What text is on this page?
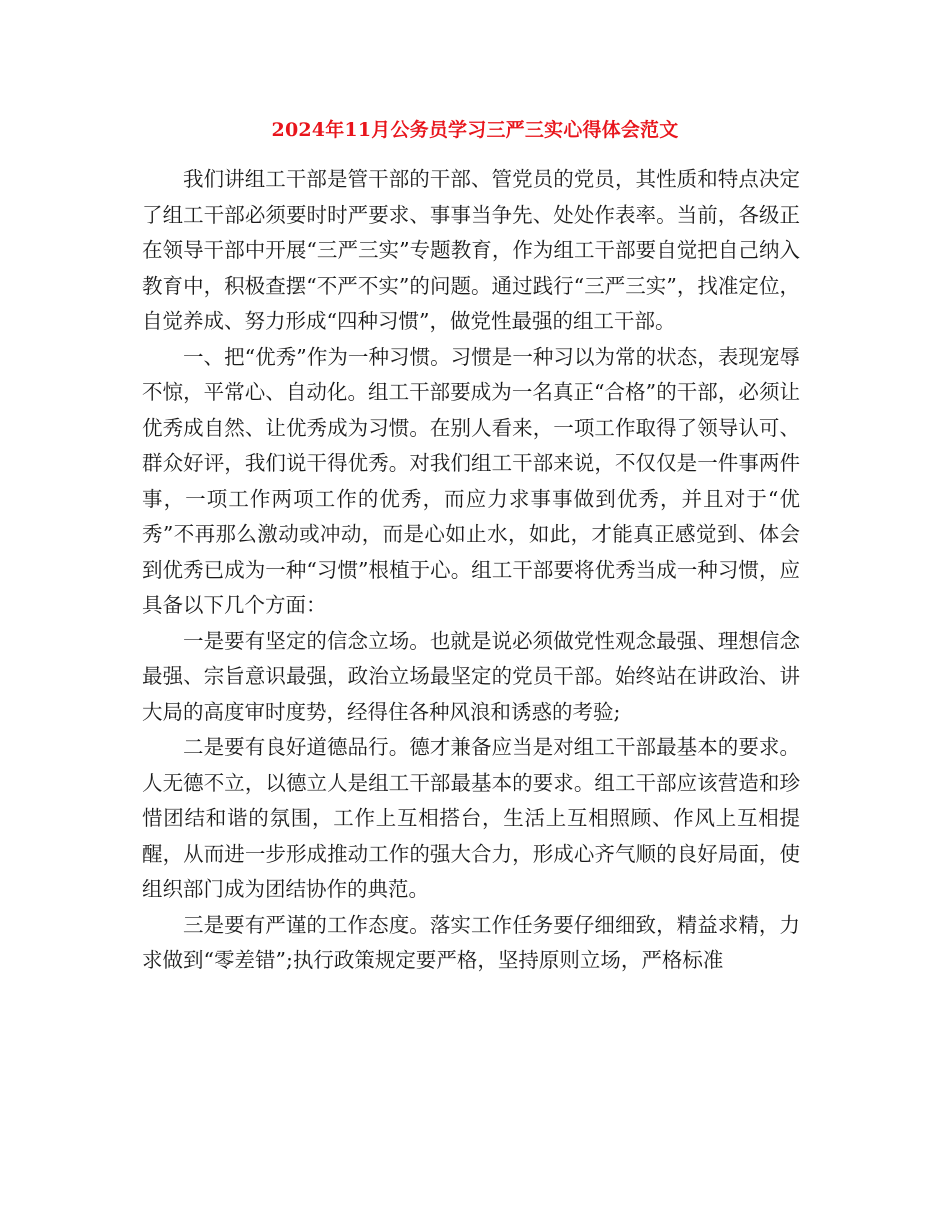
2024年11月公务员学习三严三实心得体会范文

我们讲组工干部是管干部的干部、管党员的党员，其性质和特点决定了组工干部必须要时时严要求、事事当争先、处处作表率。当前，各级正在领导干部中开展“三严三实”专题教育，作为组工干部要自觉把自己纳入教育中，积极查摆“不严不实”的问题。通过践行“三严三实”，找准定位，自觉养成、努力形成“四种习惯”，做党性最强的组工干部。

一、把“优秀”作为一种习惯。习惯是一种习以为常的状态，表现宠辱不惊，平常心、自动化。组工干部要成为一名真正“合格”的干部，必须让优秀成自然、让优秀成为习惯。在别人看来，一项工作取得了领导认可、群众好评，我们说干得优秀。对我们组工干部来说，不仅仅是一件事两件事，一项工作两项工作的优秀，而应力求事事做到优秀，并且对于“优秀”不再那么激动或冲动，而是心如止水，如此，才能真正感觉到、体会到优秀已成为一种“习惯”根植于心。组工干部要将优秀当成一种习惯，应具备以下几个方面：

一是要有坚定的信念立场。也就是说必须做党性观念最强、理想信念最强、宗旨意识最强，政治立场最坚定的党员干部。始终站在讲政治、讲大局的高度审时度势，经得住各种风浪和诱惑的考验;

二是要有良好道德品行。德才兼备应当是对组工干部最基本的要求。人无德不立，以德立人是组工干部最基本的要求。组工干部应该营造和珍惜团结和谐的氛围，工作上互相搭台，生活上互相照顾、作风上互相提醒，从而进一步形成推动工作的强大合力，形成心齐气顺的良好局面，使组织部门成为团结协作的典范。

三是要有严谨的工作态度。落实工作任务要仔细细致，精益求精，力求做到“零差错”;执行政策规定要严格，坚持原则立场，严格标准
